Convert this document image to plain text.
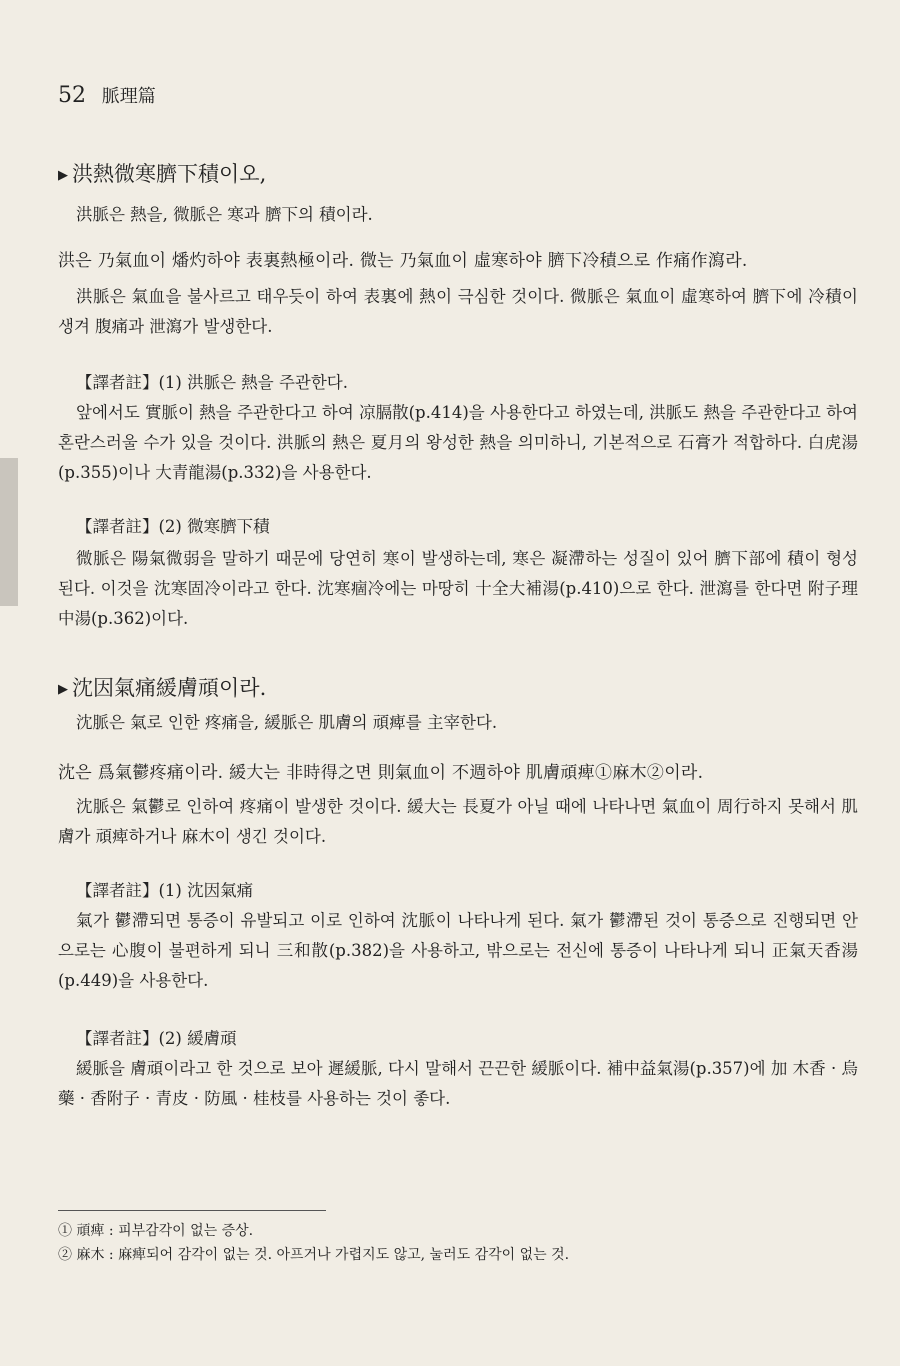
52 脈理篇
▶ 洪熱微寒臍下積이오,
洪脈은 熱을, 微脈은 寒과 臍下의 積이라.
洪은 乃氣血이 燔灼하야 表裏熱極이라. 微는 乃氣血이 虛寒하야 臍下冷積으로 作痛作瀉라.
洪脈은 氣血을 불사르고 태우듯이 하여 表裏에 熱이 극심한 것이다. 微脈은 氣血이 虛寒하여 臍下에 冷積이 생겨 腹痛과 泄瀉가 발생한다.
【譯者註】(1) 洪脈은 熱을 주관한다.
앞에서도 實脈이 熱을 주관한다고 하여 凉膈散(p.414)을 사용한다고 하였는데, 洪脈도 熱을 주관한다고 하여 혼란스러울 수가 있을 것이다. 洪脈의 熱은 夏月의 왕성한 熱을 의미하니, 기본적으로 石膏가 적합하다. 白虎湯(p.355)이나 大青龍湯(p.332)을 사용한다.
【譯者註】(2) 微寒臍下積
微脈은 陽氣微弱을 말하기 때문에 당연히 寒이 발생하는데, 寒은 凝滯하는 성질이 있어 臍下部에 積이 형성된다. 이것을 沈寒固冷이라고 한다. 沈寒痼冷에는 마땅히 十全大補湯(p.410)으로 한다. 泄瀉를 한다면 附子理中湯(p.362)이다.
▶ 沈因氣痛緩膚頑이라.
沈脈은 氣로 인한 疼痛을, 緩脈은 肌膚의 頑痺를 主宰한다.
沈은 爲氣鬱疼痛이라. 緩大는 非時得之면 則氣血이 不週하야 肌膚頑痺①麻木②이라.
沈脈은 氣鬱로 인하여 疼痛이 발생한 것이다. 緩大는 長夏가 아닐 때에 나타나면 氣血이 周行하지 못해서 肌膚가 頑痺하거나 麻木이 생긴 것이다.
【譯者註】(1) 沈因氣痛
氣가 鬱滯되면 통증이 유발되고 이로 인하여 沈脈이 나타나게 된다. 氣가 鬱滯된 것이 통증으로 진행되면 안으로는 心腹이 불편하게 되니 三和散(p.382)을 사용하고, 밖으로는 전신에 통증이 나타나게 되니 正氣天香湯(p.449)을 사용한다.
【譯者註】(2) 緩膚頑
緩脈을 膚頑이라고 한 것으로 보아 遲緩脈, 다시 말해서 끈끈한 緩脈이다. 補中益氣湯(p.357)에 加 木香 · 烏藥 · 香附子 · 青皮 · 防風 · 桂枝를 사용하는 것이 좋다.
① 頑痺 : 피부감각이 없는 증상.
② 麻木 : 麻痺되어 감각이 없는 것. 아프거나 가렵지도 않고, 눌러도 감각이 없는 것.
